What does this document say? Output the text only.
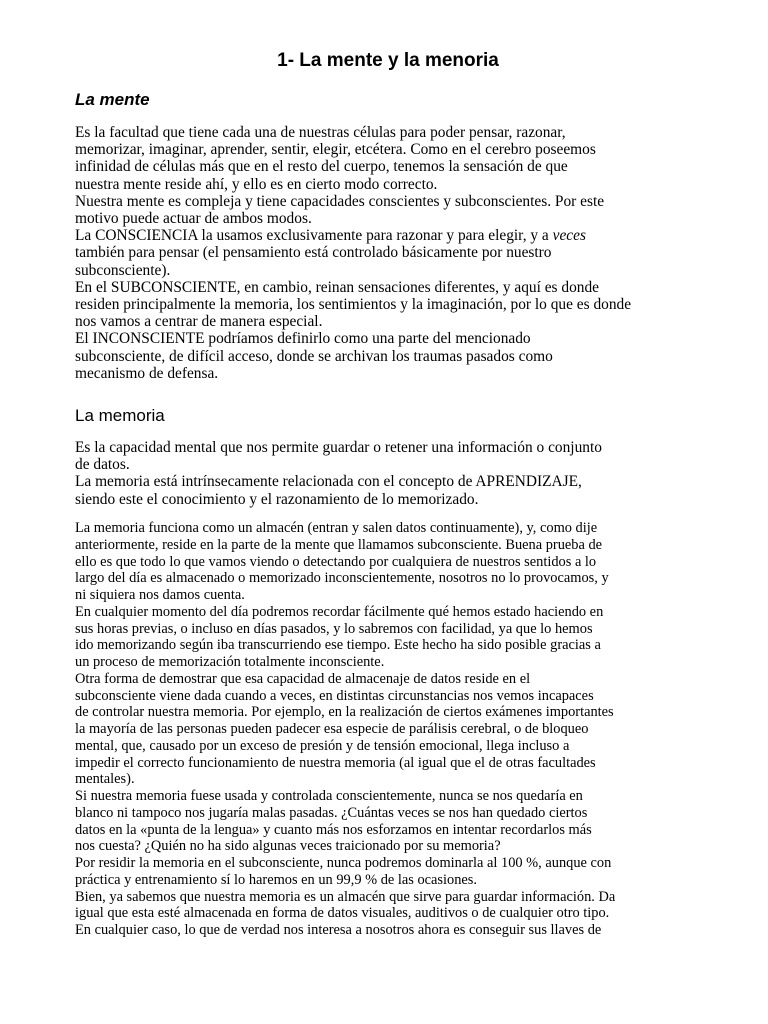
1- La mente y la menoria
La mente
Es la facultad que tiene cada una de nuestras células para poder pensar, razonar,
memorizar, imaginar, aprender, sentir, elegir, etcétera. Como en el cerebro poseemos
infinidad de células más que en el resto del cuerpo, tenemos la sensación de que
nuestra mente reside ahí, y ello es en cierto modo correcto.
Nuestra mente es compleja y tiene capacidades conscientes y subconscientes. Por este
motivo puede actuar de ambos modos.
La CONSCIENCIA la usamos exclusivamente para razonar y para elegir, y a veces
también para pensar (el pensamiento está controlado básicamente por nuestro
subconsciente).
En el SUBCONSCIENTE, en cambio, reinan sensaciones diferentes, y aquí es donde
residen principalmente la memoria, los sentimientos y la imaginación, por lo que es donde
nos vamos a centrar de manera especial.
El INCONSCIENTE podríamos definirlo como una parte del mencionado
subconsciente, de difícil acceso, donde se archivan los traumas pasados como
mecanismo de defensa.
La memoria
Es la capacidad mental que nos permite guardar o retener una información o conjunto
de datos.
La memoria está intrínsecamente relacionada con el concepto de APRENDIZAJE,
siendo este el conocimiento y el razonamiento de lo memorizado.
La memoria funciona como un almacén (entran y salen datos continuamente), y, como dije
anteriormente, reside en la parte de la mente que llamamos subconsciente. Buena prueba de
ello es que todo lo que vamos viendo o detectando por cualquiera de nuestros sentidos a lo
largo del día es almacenado o memorizado inconscientemente, nosotros no lo provocamos, y
ni siquiera nos damos cuenta.
En cualquier momento del día podremos recordar fácilmente qué hemos estado haciendo en
sus horas previas, o incluso en días pasados, y lo sabremos con facilidad, ya que lo hemos
ido memorizando según iba transcurriendo ese tiempo. Este hecho ha sido posible gracias a
un proceso de memorización totalmente inconsciente.
Otra forma de demostrar que esa capacidad de almacenaje de datos reside en el
subconsciente viene dada cuando a veces, en distintas circunstancias nos vemos incapaces
de controlar nuestra memoria. Por ejemplo, en la realización de ciertos exámenes importantes
la mayoría de las personas pueden padecer esa especie de parálisis cerebral, o de bloqueo
mental, que, causado por un exceso de presión y de tensión emocional, llega incluso a
impedir el correcto funcionamiento de nuestra memoria (al igual que el de otras facultades
mentales).
Si nuestra memoria fuese usada y controlada conscientemente, nunca se nos quedaría en
blanco ni tampoco nos jugaría malas pasadas. ¿Cuántas veces se nos han quedado ciertos
datos en la «punta de la lengua» y cuanto más nos esforzamos en intentar recordarlos más
nos cuesta? ¿Quién no ha sido algunas veces traicionado por su memoria?
Por residir la memoria en el subconsciente, nunca podremos dominarla al 100 %, aunque con
práctica y entrenamiento sí lo haremos en un 99,9 % de las ocasiones.
Bien, ya sabemos que nuestra memoria es un almacén que sirve para guardar información. Da
igual que esta esté almacenada en forma de datos visuales, auditivos o de cualquier otro tipo.
En cualquier caso, lo que de verdad nos interesa a nosotros ahora es conseguir sus llaves de
